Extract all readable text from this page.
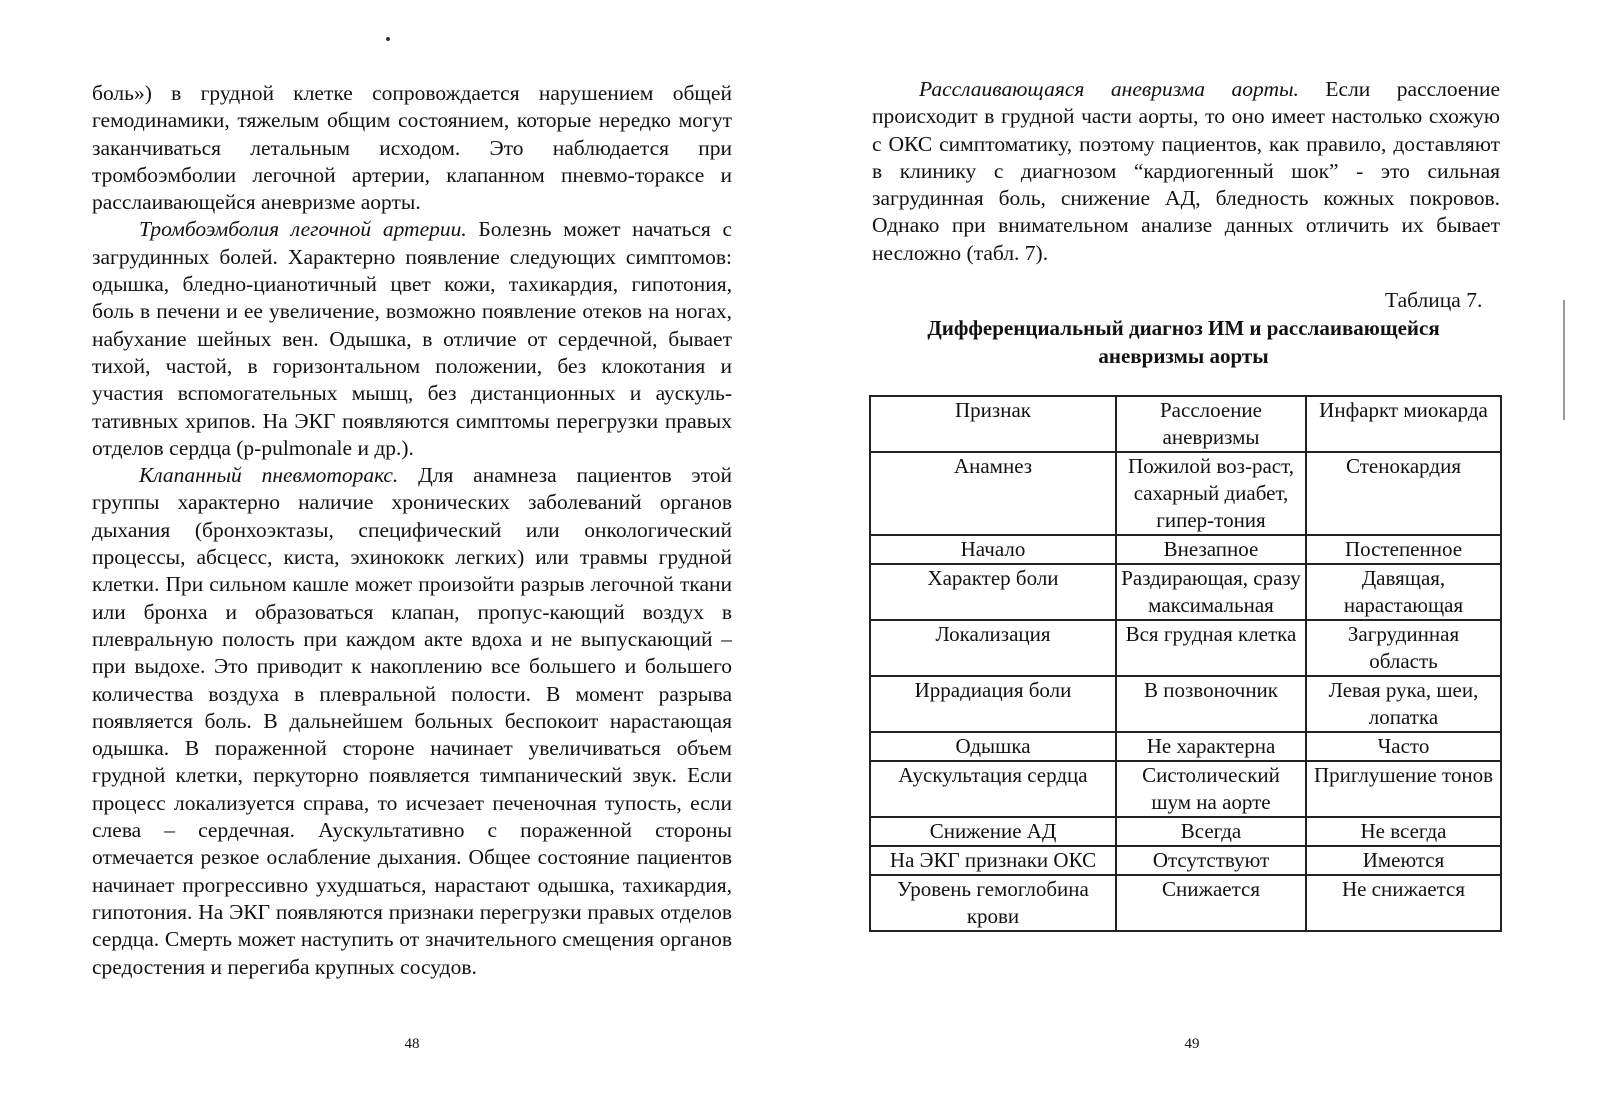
боль») в грудной клетке сопровождается нарушением общей гемодинамики, тяжелым общим состоянием, которые нередко могут заканчиваться летальным исходом. Это наблюдается при тромбоэмболии легочной артерии, клапанном пневмо-тораксе и расслаивающейся аневризме аорты.

Тромбоэмболия легочной артерии. Болезнь может начаться с загрудинных болей. Характерно появление следующих симптомов: одышка, бледно-цианотичный цвет кожи, тахикардия, гипотония, боль в печени и ее увеличение, возможно появление отеков на ногах, набухание шейных вен. Одышка, в отличие от сердечной, бывает тихой, частой, в горизонтальном положении, без клокотания и участия вспомогательных мышц, без дистанционных и аускуль-тативных хрипов. На ЭКГ появляются симптомы перегрузки правых отделов сердца (p-pulmonale и др.).

Клапанный пневмоторакс. Для анамнеза пациентов этой группы характерно наличие хронических заболеваний органов дыхания (бронхоэктазы, специфический или онкологический процессы, абсцесс, киста, эхинококк легких) или травмы грудной клетки. При сильном кашле может произойти разрыв легочной ткани или бронха и образоваться клапан, пропус-кающий воздух в плевральную полость при каждом акте вдоха и не выпускающий – при выдохе. Это приводит к накоплению все большего и большего количества воздуха в плевральной полости. В момент разрыва появляется боль. В дальнейшем больных беспокоит нарастающая одышка. В пораженной стороне начинает увеличиваться объем грудной клетки, перкуторно появляется тимпанический звук. Если процесс локализуется справа, то исчезает печеночная тупость, если слева – сердечная. Аускультативно с пораженной стороны отмечается резкое ослабление дыхания. Общее состояние пациентов начинает прогрессивно ухудшаться, нарастают одышка, тахикардия, гипотония. На ЭКГ появляются признаки перегрузки правых отделов сердца. Смерть может наступить от значительного смещения органов средостения и перегиба крупных сосудов.

48

Расслаивающаяся аневризма аорты. Если расслоение происходит в грудной части аорты, то оно имеет настолько схожую с ОКС симптоматику, поэтому пациентов, как правило, доставляют в клинику с диагнозом “кардиогенный шок” - это сильная загрудинная боль, снижение АД, бледность кожных покровов. Однако при внимательном анализе данных отличить их бывает несложно (табл. 7).

Таблица 7.
Дифференциальный диагноз ИМ и расслаивающейся аневризмы аорты
Признак	Расслоение аневризмы	Инфаркт миокарда
Анамнез	Пожилой воз-раст, сахарный диабет, гипер-тония	Стенокардия
Начало	Внезапное	Постепенное
Характер боли	Раздирающая, сразу максимальная	Давящая, нарастающая
Локализация	Вся грудная клетка	Загрудинная область
Иррадиация боли	В позвоночник	Левая рука, шеи, лопатка
Одышка	Не характерна	Часто
Аускультация сердца	Систолический шум на аорте	Приглушение тонов
Снижение АД	Всегда	Не всегда
На ЭКГ признаки ОКС	Отсутствуют	Имеются
Уровень гемоглобина крови	Снижается	Не снижается
49
